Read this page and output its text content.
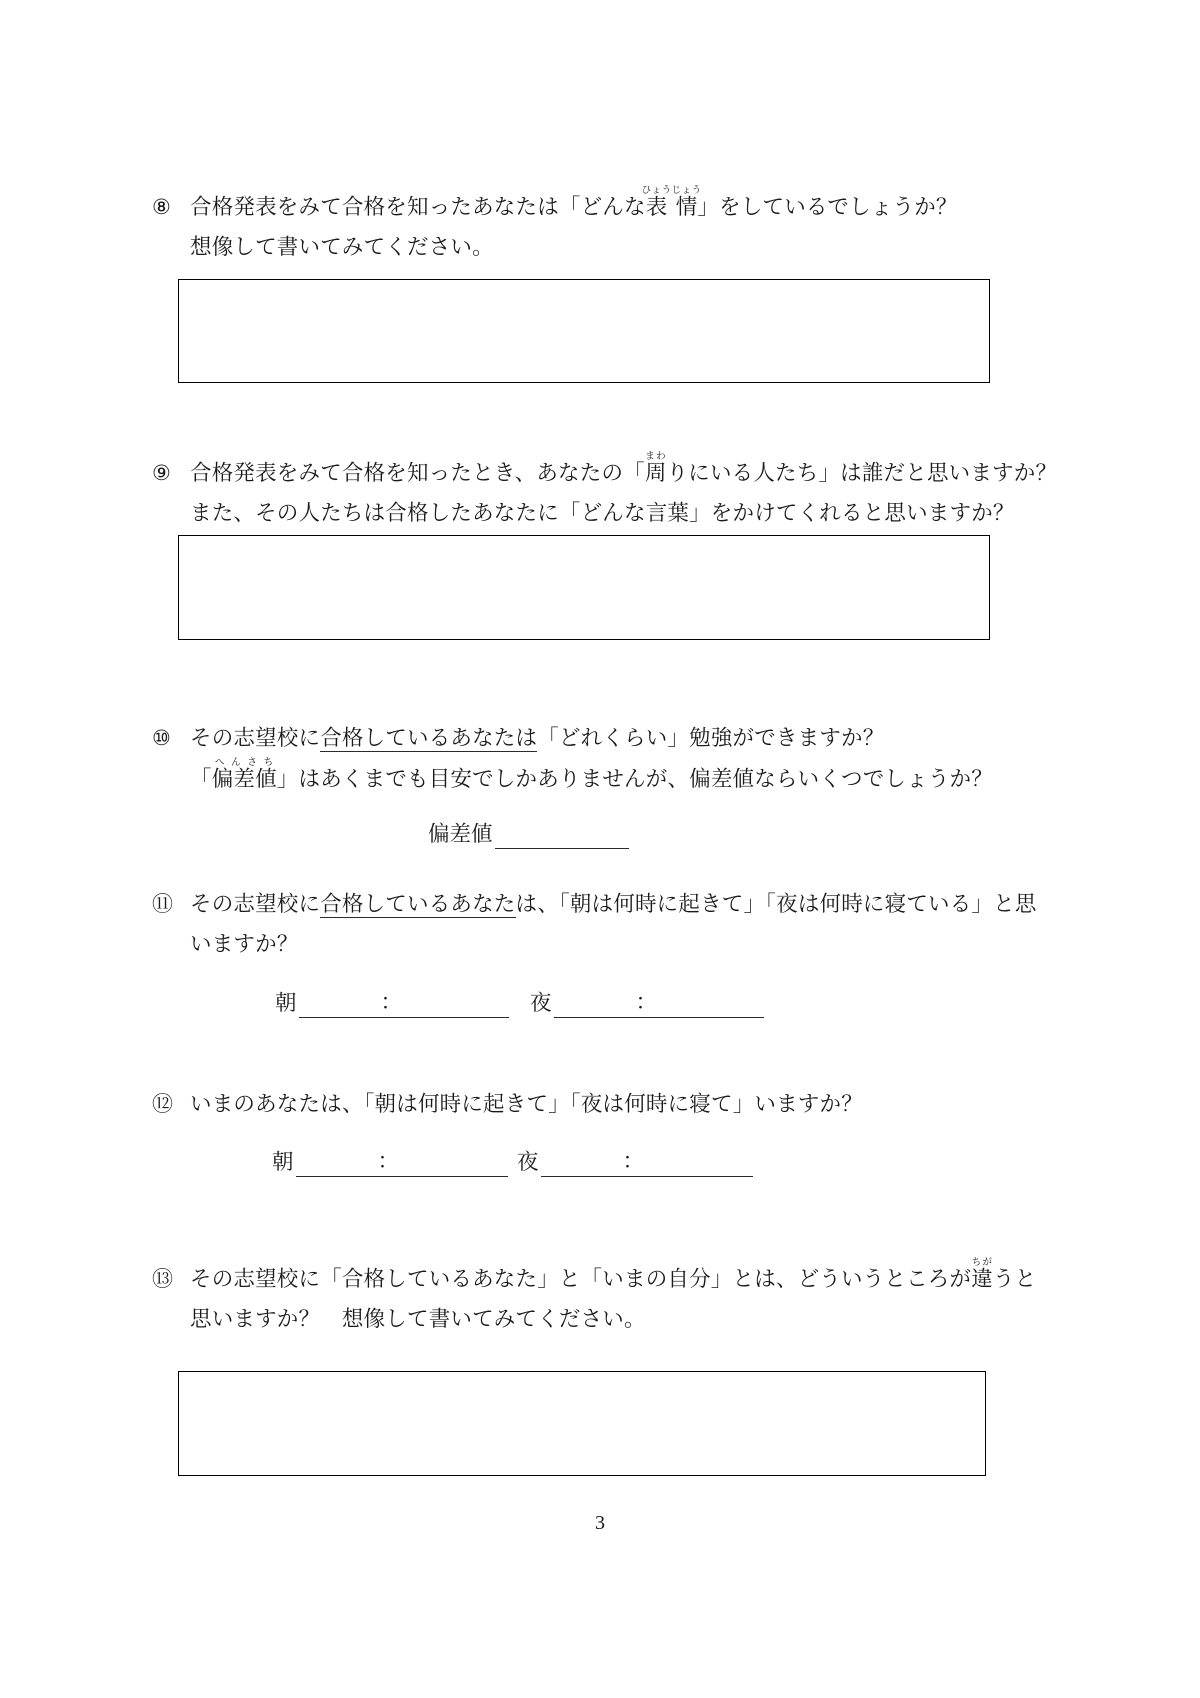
⑧ 合格発表をみて合格を知ったあなたは「どんな表情ひょうじょう」をしているでしょうか？
想像して書いてみてください。
⑨ 合格発表をみて合格を知ったとき、あなたの「周まわりにいる人たち」は誰だと思いますか？
また、その人たちは合格したあなたに「どんな言葉」をかけてくれると思いますか？
⑩ その志望校に合格しているあなたは「どれくらい」勉強ができますか？
「偏差値へんさち」はあくまでも目安でしかありませんが、偏差値ならいくつでしょうか？
偏差値
⑪ その志望校に合格しているあなたは、「朝は何時に起きて」「夜は何時に寝ている」と思
いますか？
朝	：	夜	：
⑫ いまのあなたは、「朝は何時に起きて」「夜は何時に寝て」いますか？
朝	：	夜	：
⑬ その志望校に「合格しているあなた」と「いまの自分」とは、どういうところが違ちがうと
思いますか？　想像して書いてみてください。
3
